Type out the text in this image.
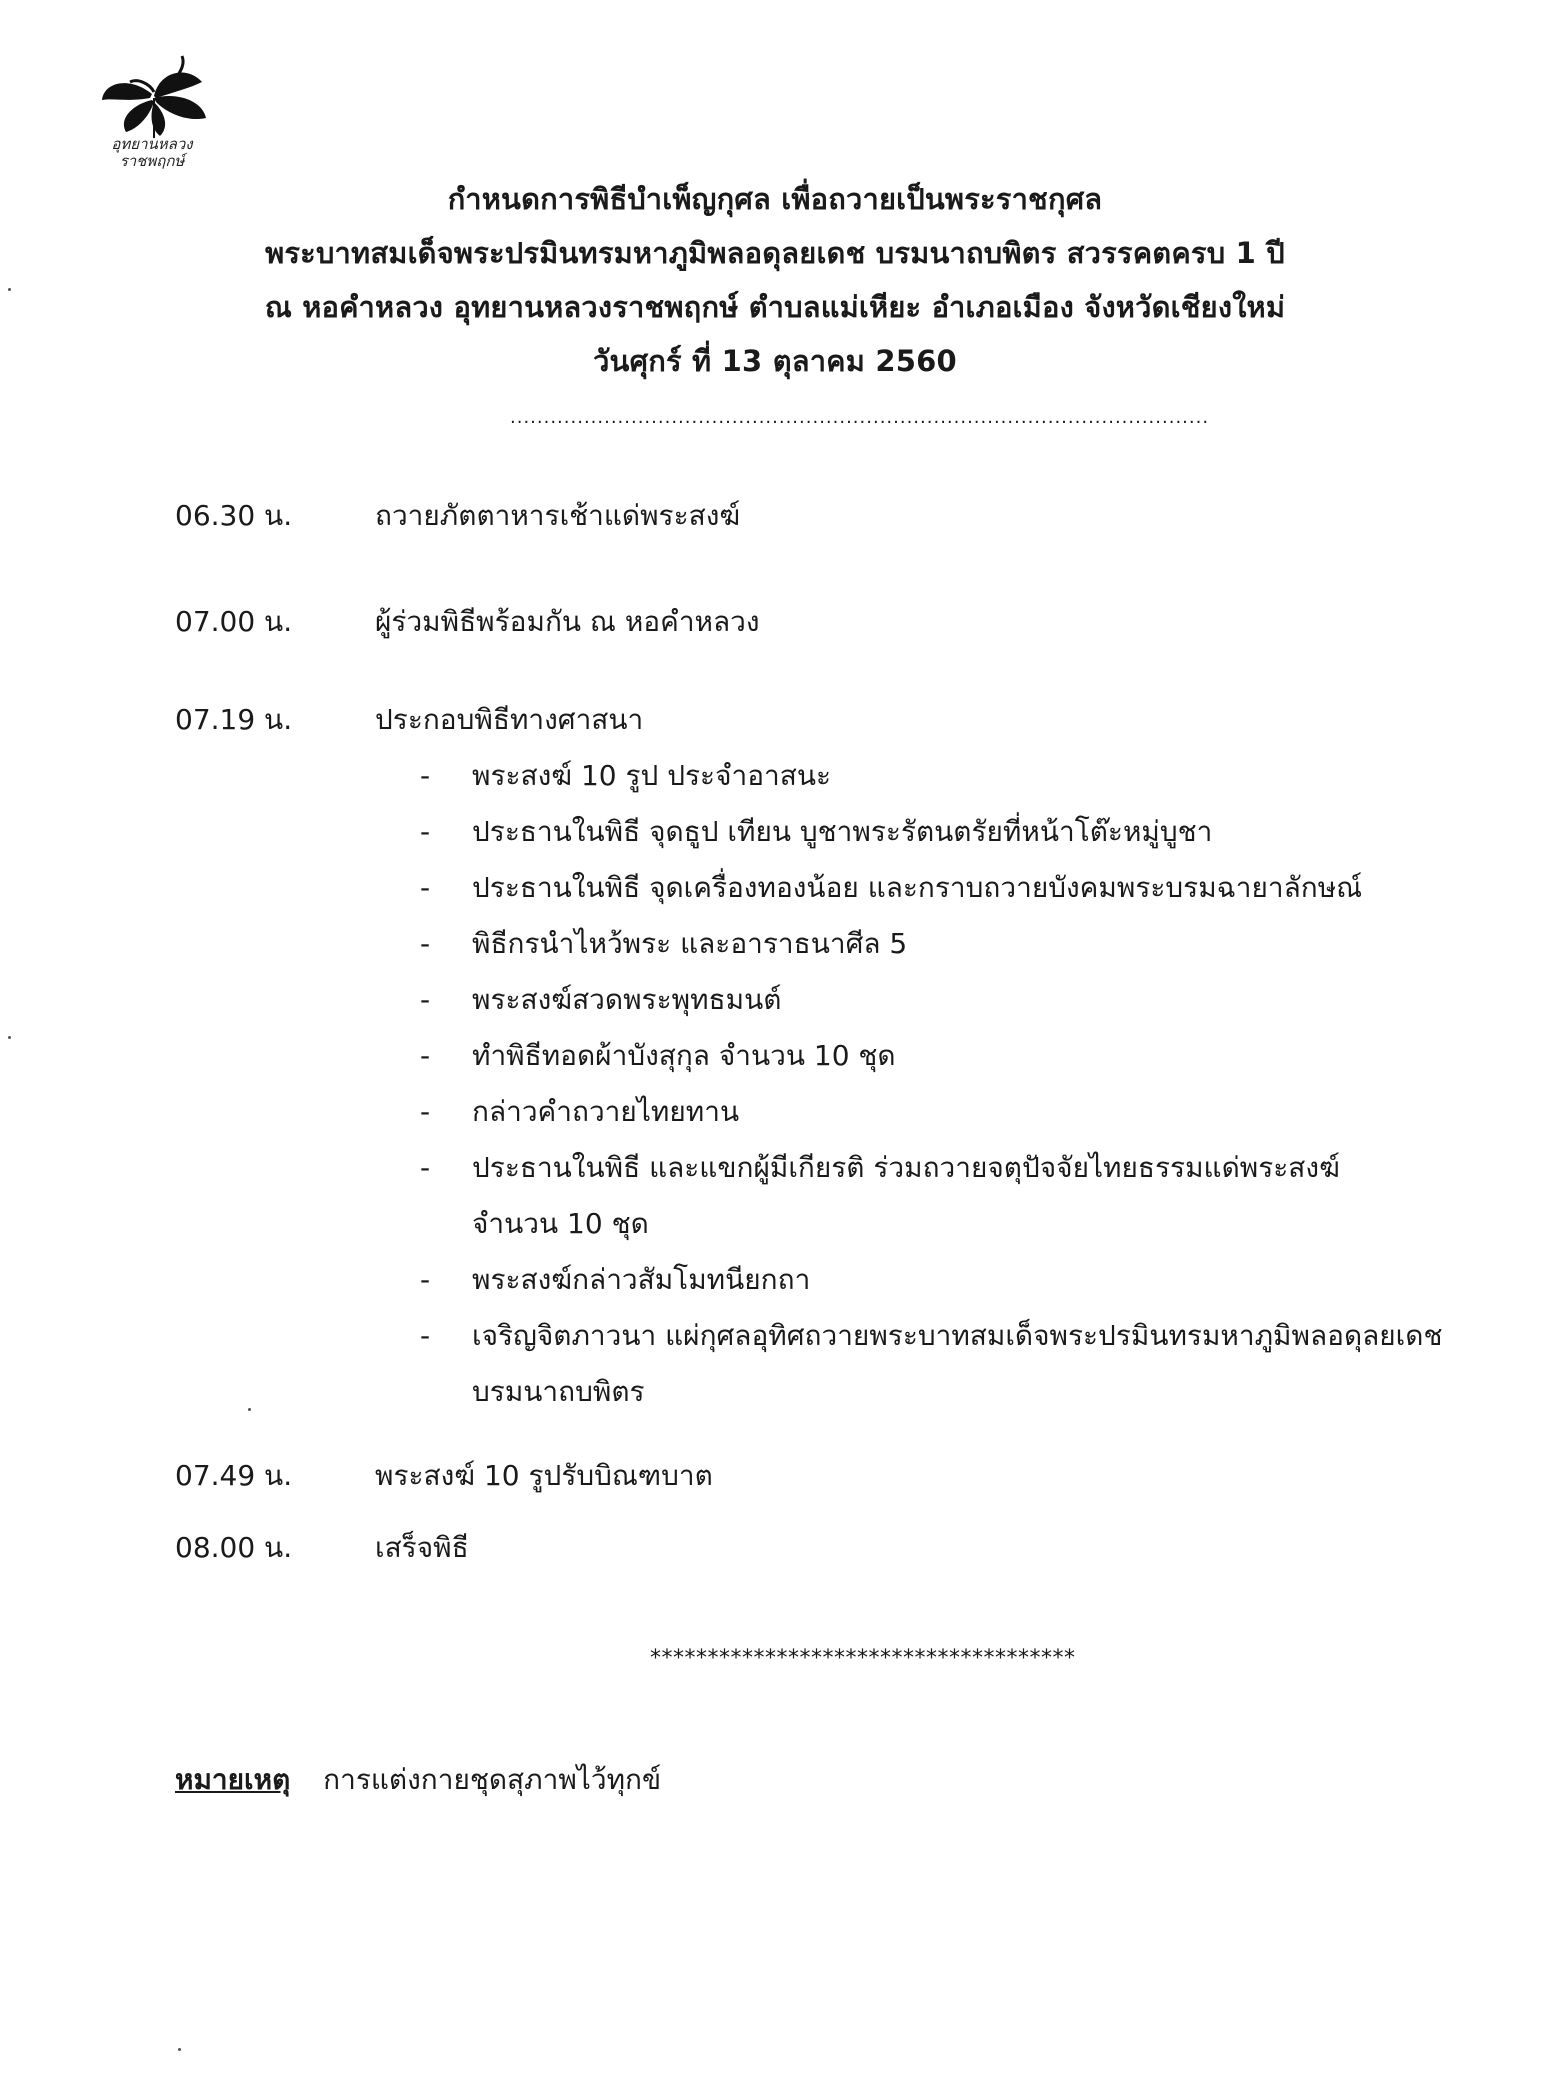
อุทยานหลวง
ราชพฤกษ์
กำหนดการพิธีบำเพ็ญกุศล เพื่อถวายเป็นพระราชกุศล
พระบาทสมเด็จพระปรมินทรมหาภูมิพลอดุลยเดช บรมนาถบพิตร สวรรคตครบ 1 ปี
ณ หอคำหลวง อุทยานหลวงราชพฤกษ์ ตำบลแม่เหียะ อำเภอเมือง จังหวัดเชียงใหม่
วันศุกร์ ที่ 13 ตุลาคม 2560
........................................................................................................
06.30 น.	ถวายภัตตาหารเช้าแด่พระสงฆ์
07.00 น.	ผู้ร่วมพิธีพร้อมกัน ณ หอคำหลวง
07.19 น.	ประกอบพิธีทางศาสนา
- พระสงฆ์ 10 รูป ประจำอาสนะ
- ประธานในพิธี จุดธูป เทียน บูชาพระรัตนตรัยที่หน้าโต๊ะหมู่บูชา
- ประธานในพิธี จุดเครื่องทองน้อย และกราบถวายบังคมพระบรมฉายาลักษณ์
- พิธีกรนำไหว้พระ และอาราธนาศีล 5
- พระสงฆ์สวดพระพุทธมนต์
- ทำพิธีทอดผ้าบังสุกุล จำนวน 10 ชุด
- กล่าวคำถวายไทยทาน
- ประธานในพิธี และแขกผู้มีเกียรติ ร่วมถวายจตุปัจจัยไทยธรรมแด่พระสงฆ์
จำนวน 10 ชุด
- พระสงฆ์กล่าวสัมโมทนียกถา
- เจริญจิตภาวนา แผ่กุศลอุทิศถวายพระบาทสมเด็จพระปรมินทรมหาภูมิพลอดุลยเดช
บรมนาถบพิตร
07.49 น.	พระสงฆ์ 10 รูปรับบิณฑบาต
08.00 น.	เสร็จพิธี
*************************************
หมายเหตุ การแต่งกายชุดสุภาพไว้ทุกข์
